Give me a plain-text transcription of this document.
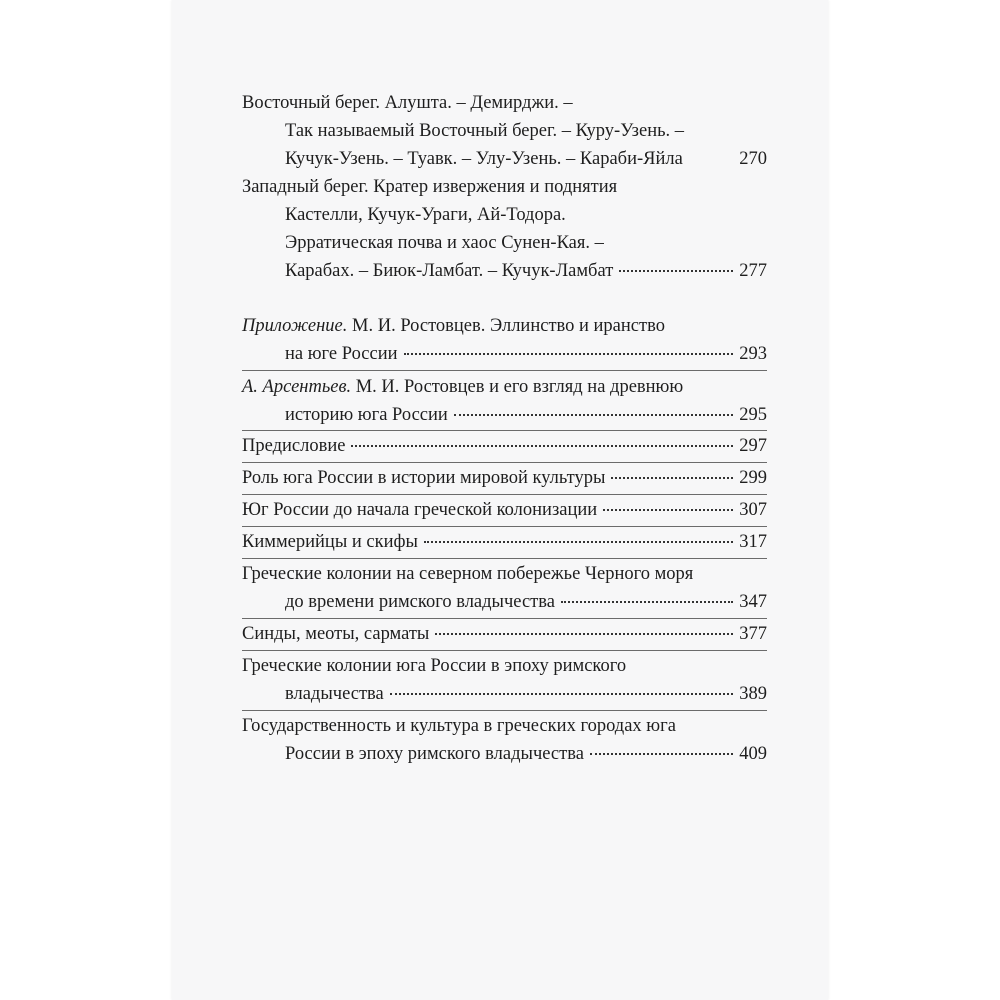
Восточный берег. Алушта. – Демирджи. –
Так называемый Восточный берег. – Куру-Узень. –
Кучук-Узень. – Туавк. – Улу-Узень. – Караби-Яйла	270
Западный берег. Кратер извержения и поднятия
Кастелли, Кучук-Ураги, Ай-Тодора.
Эрратическая почва и хаос Сунен-Кая. –
Карабах. – Биюк-Ламбат. – Кучук-Ламбат	277
Приложение. М. И. Ростовцев. Эллинство и иранство
на юге России	293
А. Арсентьев. М. И. Ростовцев и его взгляд на древнюю
историю юга России	295
Предисловие	297
Роль юга России в истории мировой культуры	299
Юг России до начала греческой колонизации	307
Киммерийцы и скифы	317
Греческие колонии на северном побережье Черного моря
до времени римского владычества	347
Синды, меоты, сарматы	377
Греческие колонии юга России в эпоху римского
владычества	389
Государственность и культура в греческих городах юга
России в эпоху римского владычества	409
